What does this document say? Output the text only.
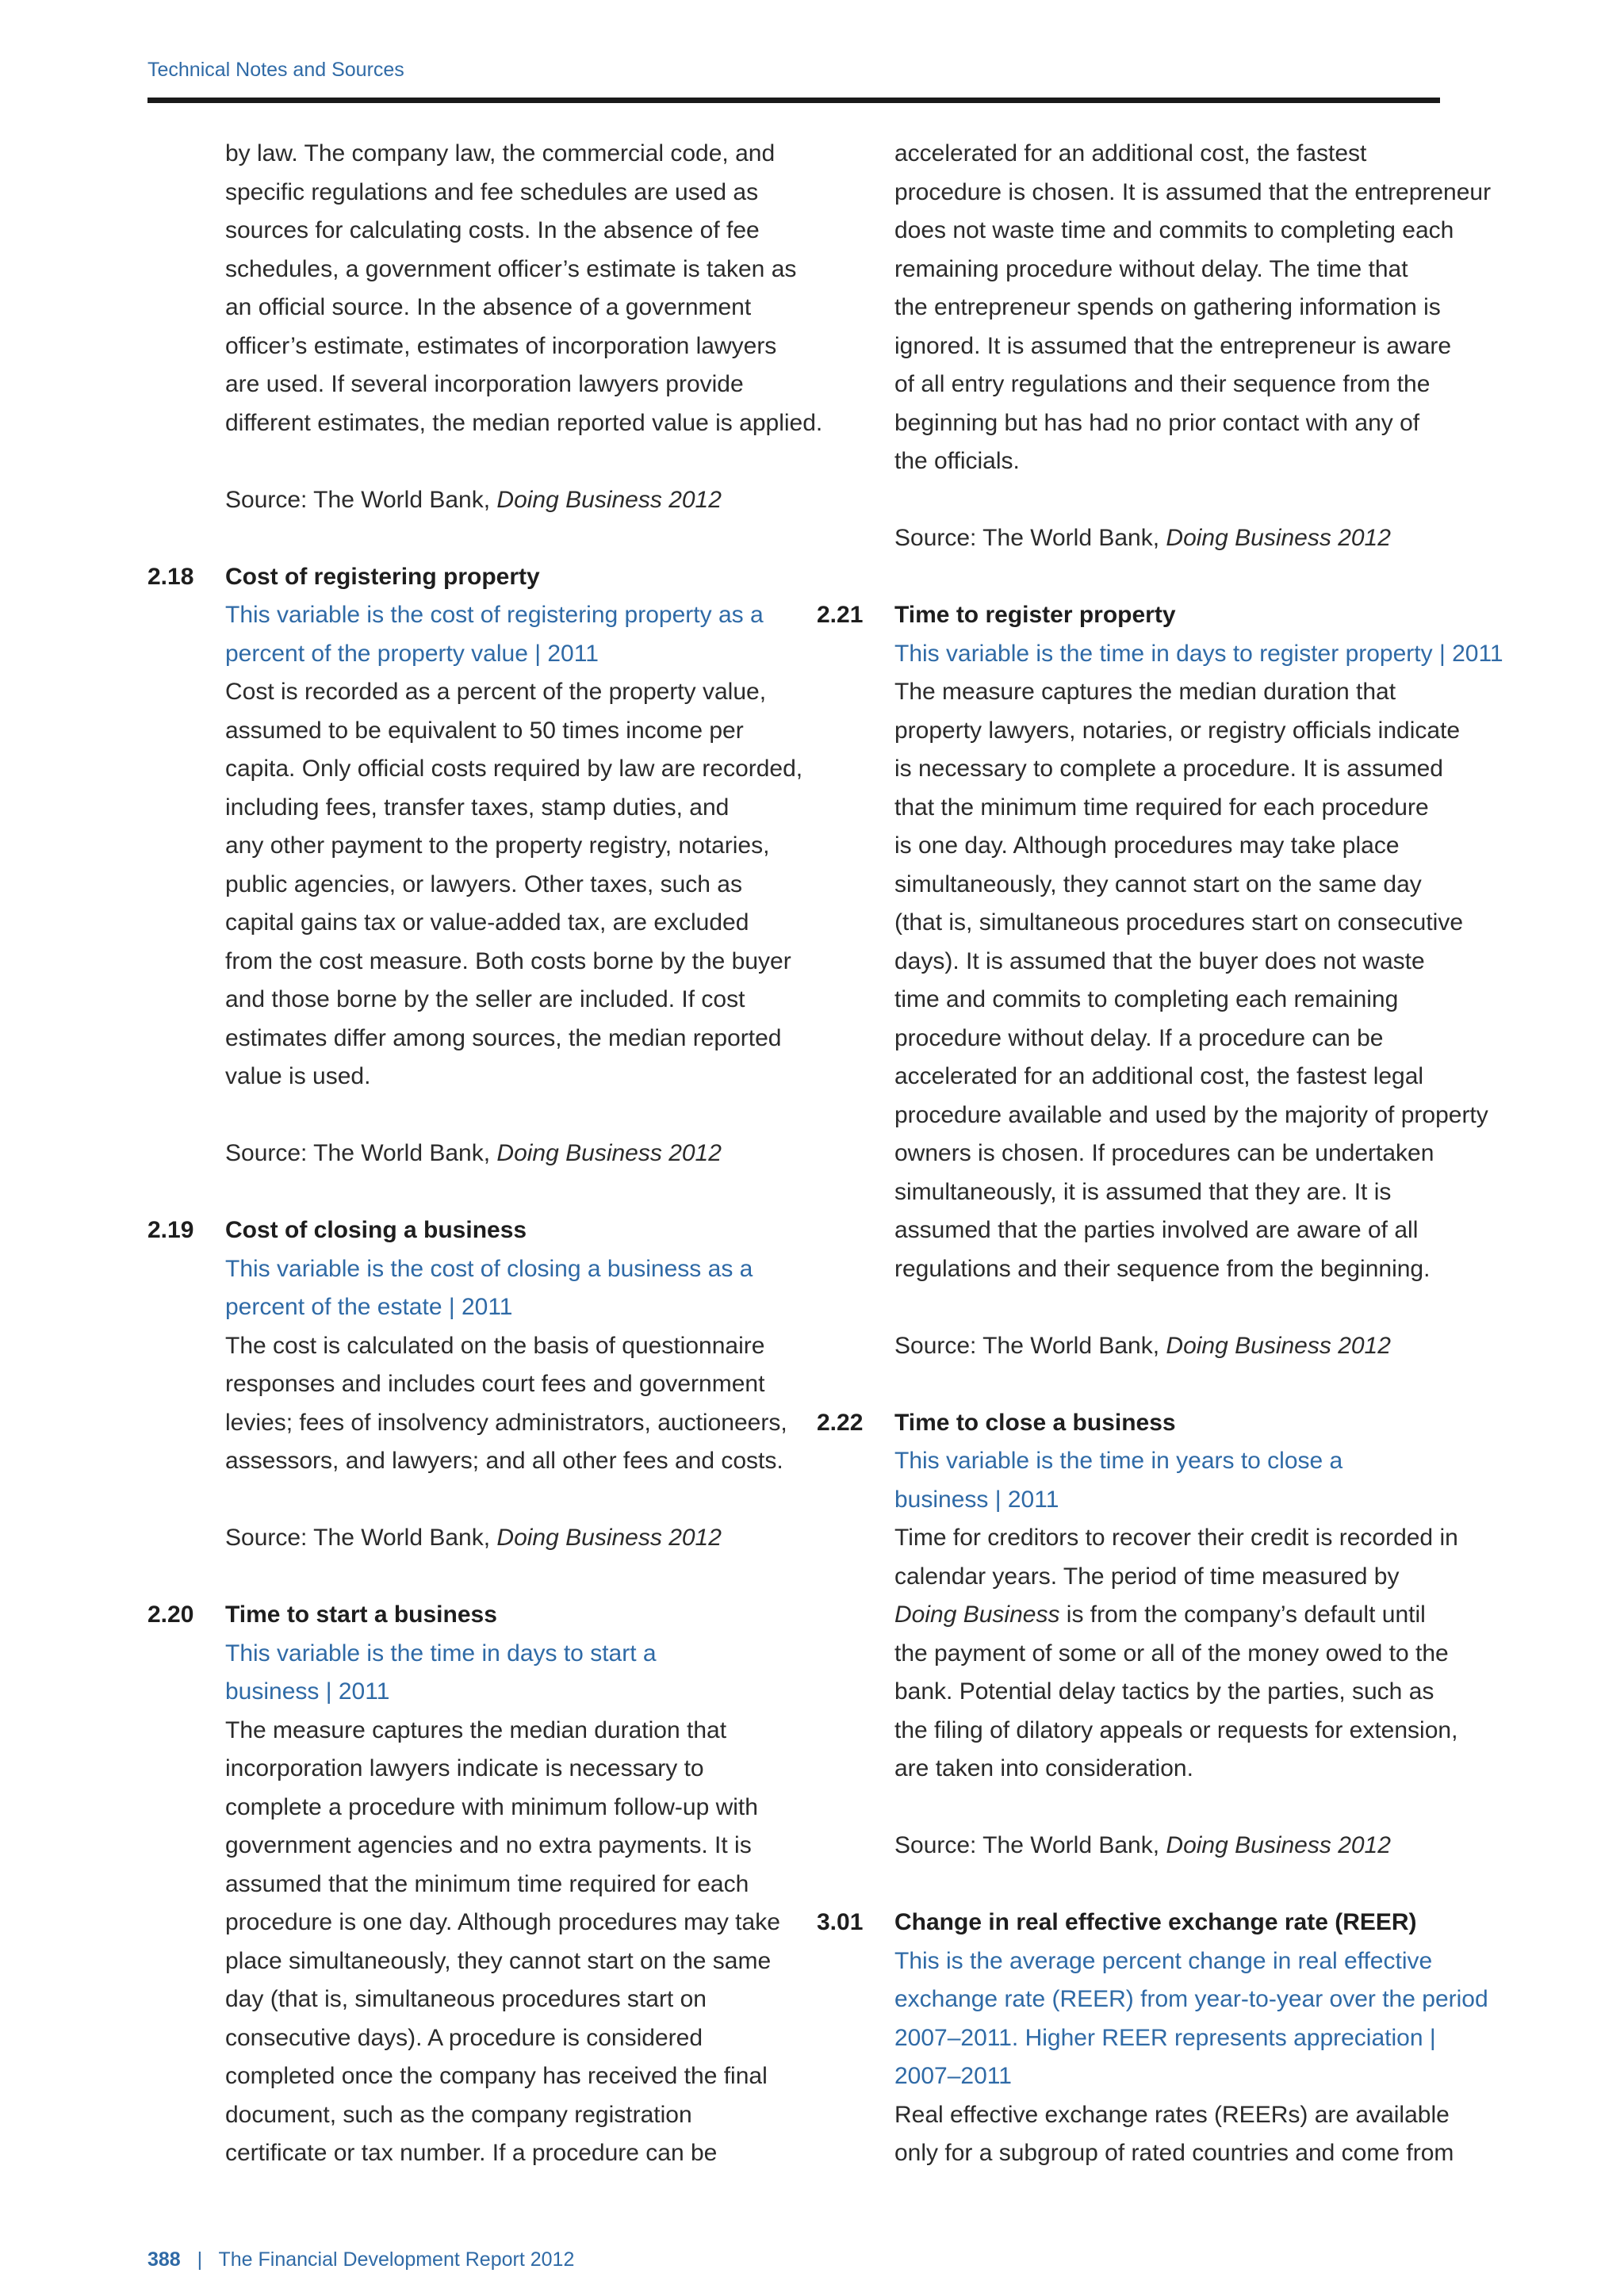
Technical Notes and Sources
by law. The company law, the commercial code, and
specific regulations and fee schedules are used as
sources for calculating costs. In the absence of fee
schedules, a government officer’s estimate is taken as
an official source. In the absence of a government
officer’s estimate, estimates of incorporation lawyers
are used. If several incorporation lawyers provide
different estimates, the median reported value is applied.
Source: The World Bank, Doing Business 2012
2.18	Cost of registering property
This variable is the cost of registering property as a
percent of the property value | 2011
Cost is recorded as a percent of the property value,
assumed to be equivalent to 50 times income per
capita. Only official costs required by law are recorded,
including fees, transfer taxes, stamp duties, and
any other payment to the property registry, notaries,
public agencies, or lawyers. Other taxes, such as
capital gains tax or value-added tax, are excluded
from the cost measure. Both costs borne by the buyer
and those borne by the seller are included. If cost
estimates differ among sources, the median reported
value is used.
Source: The World Bank, Doing Business 2012
2.19	Cost of closing a business
This variable is the cost of closing a business as a
percent of the estate | 2011
The cost is calculated on the basis of questionnaire
responses and includes court fees and government
levies; fees of insolvency administrators, auctioneers,
assessors, and lawyers; and all other fees and costs.
Source: The World Bank, Doing Business 2012
2.20	Time to start a business
This variable is the time in days to start a
business | 2011
The measure captures the median duration that
incorporation lawyers indicate is necessary to
complete a procedure with minimum follow-up with
government agencies and no extra payments. It is
assumed that the minimum time required for each
procedure is one day. Although procedures may take
place simultaneously, they cannot start on the same
day (that is, simultaneous procedures start on
consecutive days). A procedure is considered
completed once the company has received the final
document, such as the company registration
certificate or tax number. If a procedure can be
accelerated for an additional cost, the fastest
procedure is chosen. It is assumed that the entrepreneur
does not waste time and commits to completing each
remaining procedure without delay. The time that
the entrepreneur spends on gathering information is
ignored. It is assumed that the entrepreneur is aware
of all entry regulations and their sequence from the
beginning but has had no prior contact with any of
the officials.
Source: The World Bank, Doing Business 2012
2.21	Time to register property
This variable is the time in days to register property | 2011
The measure captures the median duration that
property lawyers, notaries, or registry officials indicate
is necessary to complete a procedure. It is assumed
that the minimum time required for each procedure
is one day. Although procedures may take place
simultaneously, they cannot start on the same day
(that is, simultaneous procedures start on consecutive
days). It is assumed that the buyer does not waste
time and commits to completing each remaining
procedure without delay. If a procedure can be
accelerated for an additional cost, the fastest legal
procedure available and used by the majority of property
owners is chosen. If procedures can be undertaken
simultaneously, it is assumed that they are. It is
assumed that the parties involved are aware of all
regulations and their sequence from the beginning.
Source: The World Bank, Doing Business 2012
2.22	Time to close a business
This variable is the time in years to close a
business | 2011
Time for creditors to recover their credit is recorded in
calendar years. The period of time measured by
Doing Business is from the company’s default until
the payment of some or all of the money owed to the
bank. Potential delay tactics by the parties, such as
the filing of dilatory appeals or requests for extension,
are taken into consideration.
Source: The World Bank, Doing Business 2012
3.01	Change in real effective exchange rate (REER)
This is the average percent change in real effective
exchange rate (REER) from year-to-year over the period
2007–2011. Higher REER represents appreciation |
2007–2011
Real effective exchange rates (REERs) are available
only for a subgroup of rated countries and come from
388 | The Financial Development Report 2012
